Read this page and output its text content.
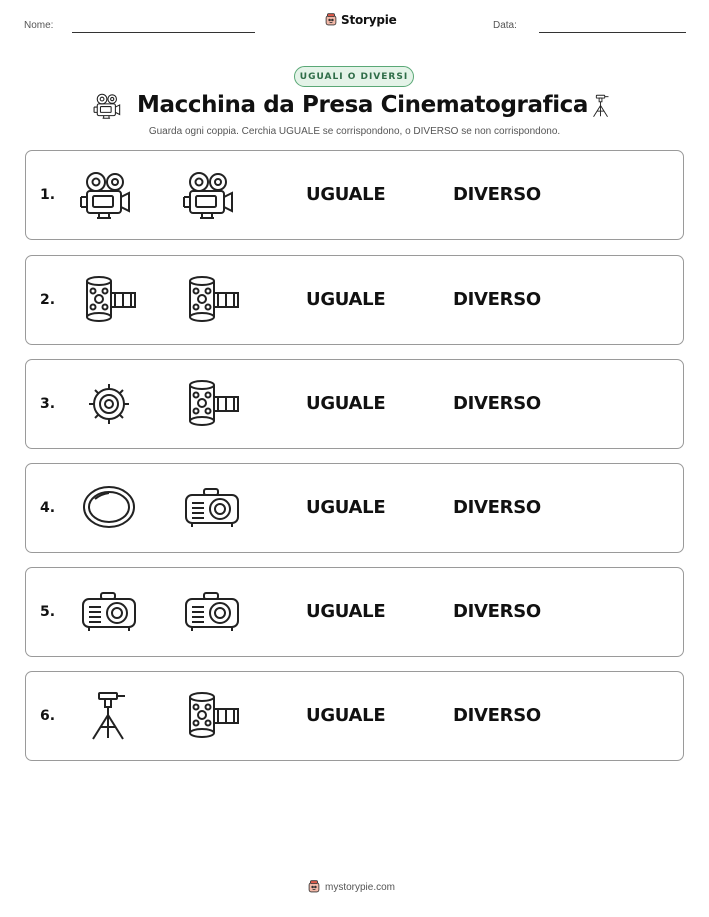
Nome:	Storypie	Data:
UGUALI O DIVERSI
Macchina da Presa Cinematografica
Guarda ogni coppia. Cerchia UGUALE se corrispondono, o DIVERSO se non corrispondono.
1.	UGUALE	DIVERSO
2.	UGUALE	DIVERSO
3.	UGUALE	DIVERSO
4.	UGUALE	DIVERSO
5.	UGUALE	DIVERSO
6.	UGUALE	DIVERSO
mystorypie.com
